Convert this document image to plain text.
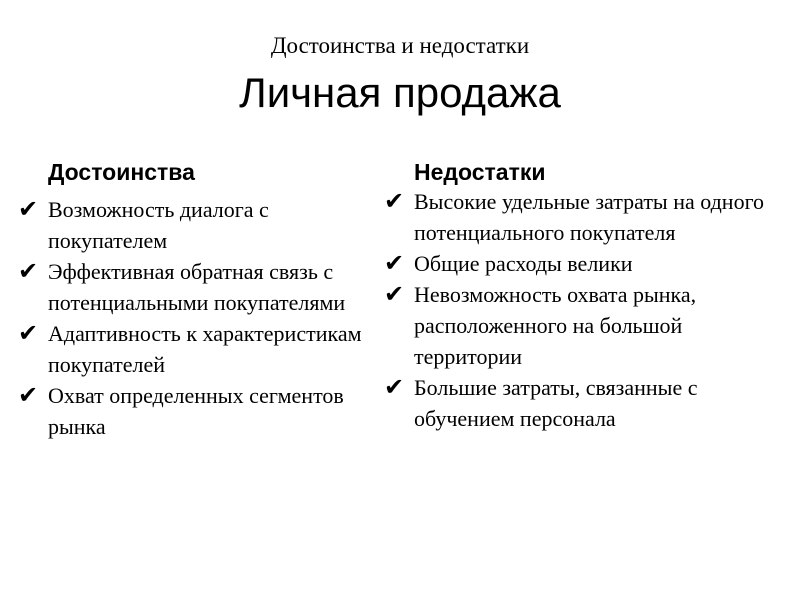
Достоинства и недостатки
Личная продажа
Достоинства
✔ Возможность диалога с покупателем
✔ Эффективная обратная связь с потенциальными покупателями
✔ Адаптивность к характеристикам покупателей
✔ Охват определенных сегментов рынка
Недостатки
✔ Высокие удельные затраты на одного потенциального покупателя
✔ Общие расходы велики
✔ Невозможность охвата рынка, расположенного на большой территории
✔ Большие затраты, связанные с обучением персонала
